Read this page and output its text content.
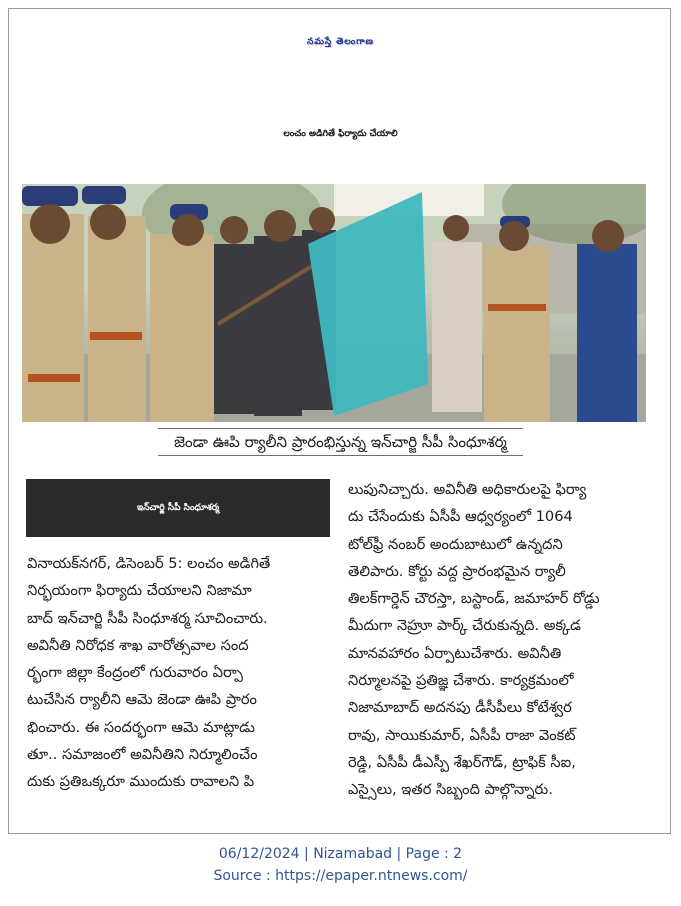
నమస్తే తెలంగాణ
లంచం అడిగితే ఫిర్యాదు చేయాలి
జెండా ఊపి ర్యాలీని ప్రారంభిస్తున్న ఇన్‌చార్జి సీపీ సింధూశర్మ
ఇన్‌చార్జి సీపీ సింధూశర్మ
వినాయక్‌నగర్, డిసెంబర్ 5: లంచం అడిగితే
నిర్భయంగా ఫిర్యాదు చేయాలని నిజామా
బాద్ ఇన్‌చార్జి సీపీ సింధూశర్మ సూచించారు.
అవినీతి నిరోధక శాఖ వారోత్సవాల సంద
ర్భంగా జిల్లా కేంద్రంలో గురువారం ఏర్పా
టుచేసిన ర్యాలీని ఆమె జెండా ఊపి ప్రారం
భించారు. ఈ సందర్భంగా ఆమె మాట్లాడు
తూ.. సమాజంలో అవినీతిని నిర్మూలించేం
దుకు ప్రతిఒక్కరూ ముందుకు రావాలని పి
లుపునిచ్చారు. అవినీతి అధికారులపై ఫిర్యా
దు చేసేందుకు ఏసీపీ ఆధ్వర్యంలో 1064
టోల్‌ఫ్రీ నంబర్ అందుబాటులో ఉన్నదని
తెలిపారు. కోర్టు వద్ద ప్రారంభమైన ర్యాలీ
తిలక్‌గార్డెన్ చౌరస్తా, బస్టాండ్, జమాహర్ రోడ్డు
మీదుగా నెహ్రూ పార్క్ చేరుకున్నది. అక్కడ
మానవహారం ఏర్పాటుచేశారు. అవినీతి
నిర్మూలనపై ప్రతిజ్ఞ చేశారు. కార్యక్రమంలో
నిజామాబాద్ అదనపు డీసీపీలు కోటేశ్వర
రావు, సాయికుమార్, ఏసీపీ రాజా వెంకట్
రెడ్డి, ఏసీపీ డీఎస్పీ శేఖర్‌గౌడ్, ట్రాఫిక్ సీఐ,
ఎస్సైలు, ఇతర సిబ్బంది పాల్గొన్నారు.
06/12/2024 | Nizamabad | Page : 2
Source : https://epaper.ntnews.com/
